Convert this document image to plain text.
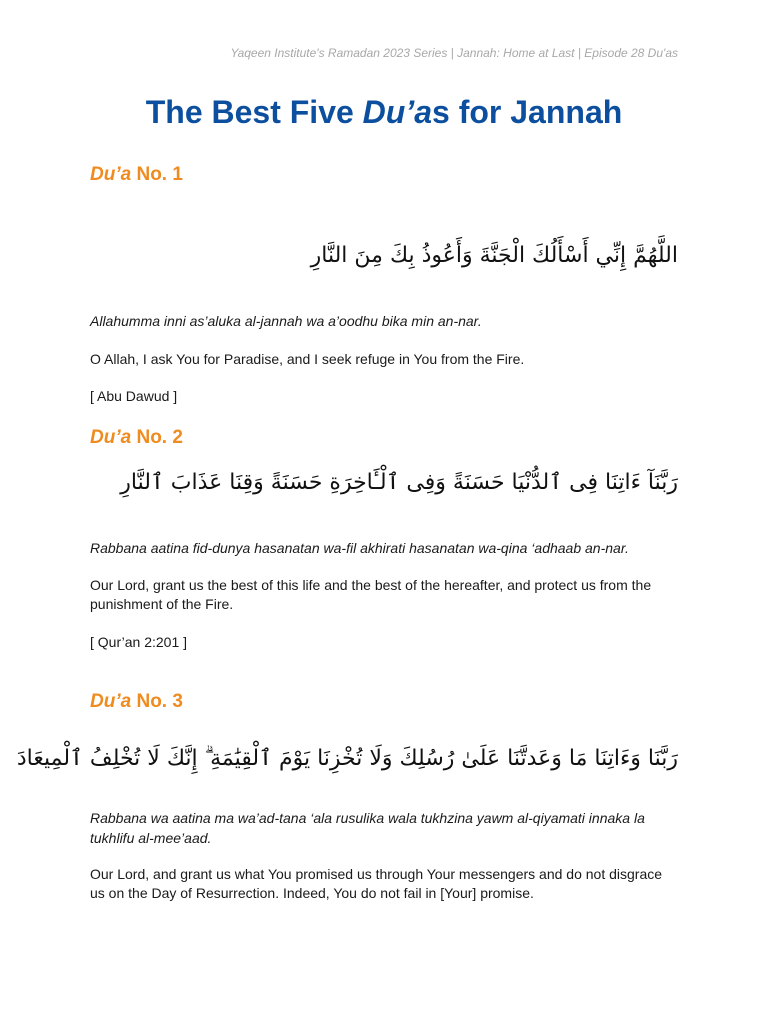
Yaqeen Institute's Ramadan 2023 Series | Jannah: Home at Last | Episode 28 Du'as
The Best Five Du’as for Jannah
Du’a No. 1
اللَّهُمَّ إِنِّي أَسْأَلُكَ الْجَنَّةَ وَأَعُوذُ بِكَ مِنَ النَّارِ
Allahumma inni as’aluka al-jannah wa a’oodhu bika min an-nar.
O Allah, I ask You for Paradise, and I seek refuge in You from the Fire.
[ Abu Dawud ]
Du’a No. 2
رَبَّنَآ ءَاتِنَا فِى ٱلدُّنْيَا حَسَنَةً وَفِى ٱلْـَٔاخِرَةِ حَسَنَةً وَقِنَا عَذَابَ ٱلنَّارِ
Rabbana aatina fid-dunya hasanatan wa-fil akhirati hasanatan wa-qina ‘adhaab an-nar.
Our Lord, grant us the best of this life and the best of the hereafter, and protect us from the punishment of the Fire.
[ Qur’an 2:201 ]
Du’a No. 3
رَبَّنَا وَءَاتِنَا مَا وَعَدتَّنَا عَلَىٰ رُسُلِكَ وَلَا تُخْزِنَا يَوْمَ ٱلْقِيَٰمَةِ ۗ إِنَّكَ لَا تُخْلِفُ ٱلْمِيعَادَ
Rabbana wa aatina ma wa’ad-tana ‘ala rusulika wala tukhzina yawm al-qiyamati innaka la tukhlifu al-mee’aad.
Our Lord, and grant us what You promised us through Your messengers and do not disgrace us on the Day of Resurrection. Indeed, You do not fail in [Your] promise.
